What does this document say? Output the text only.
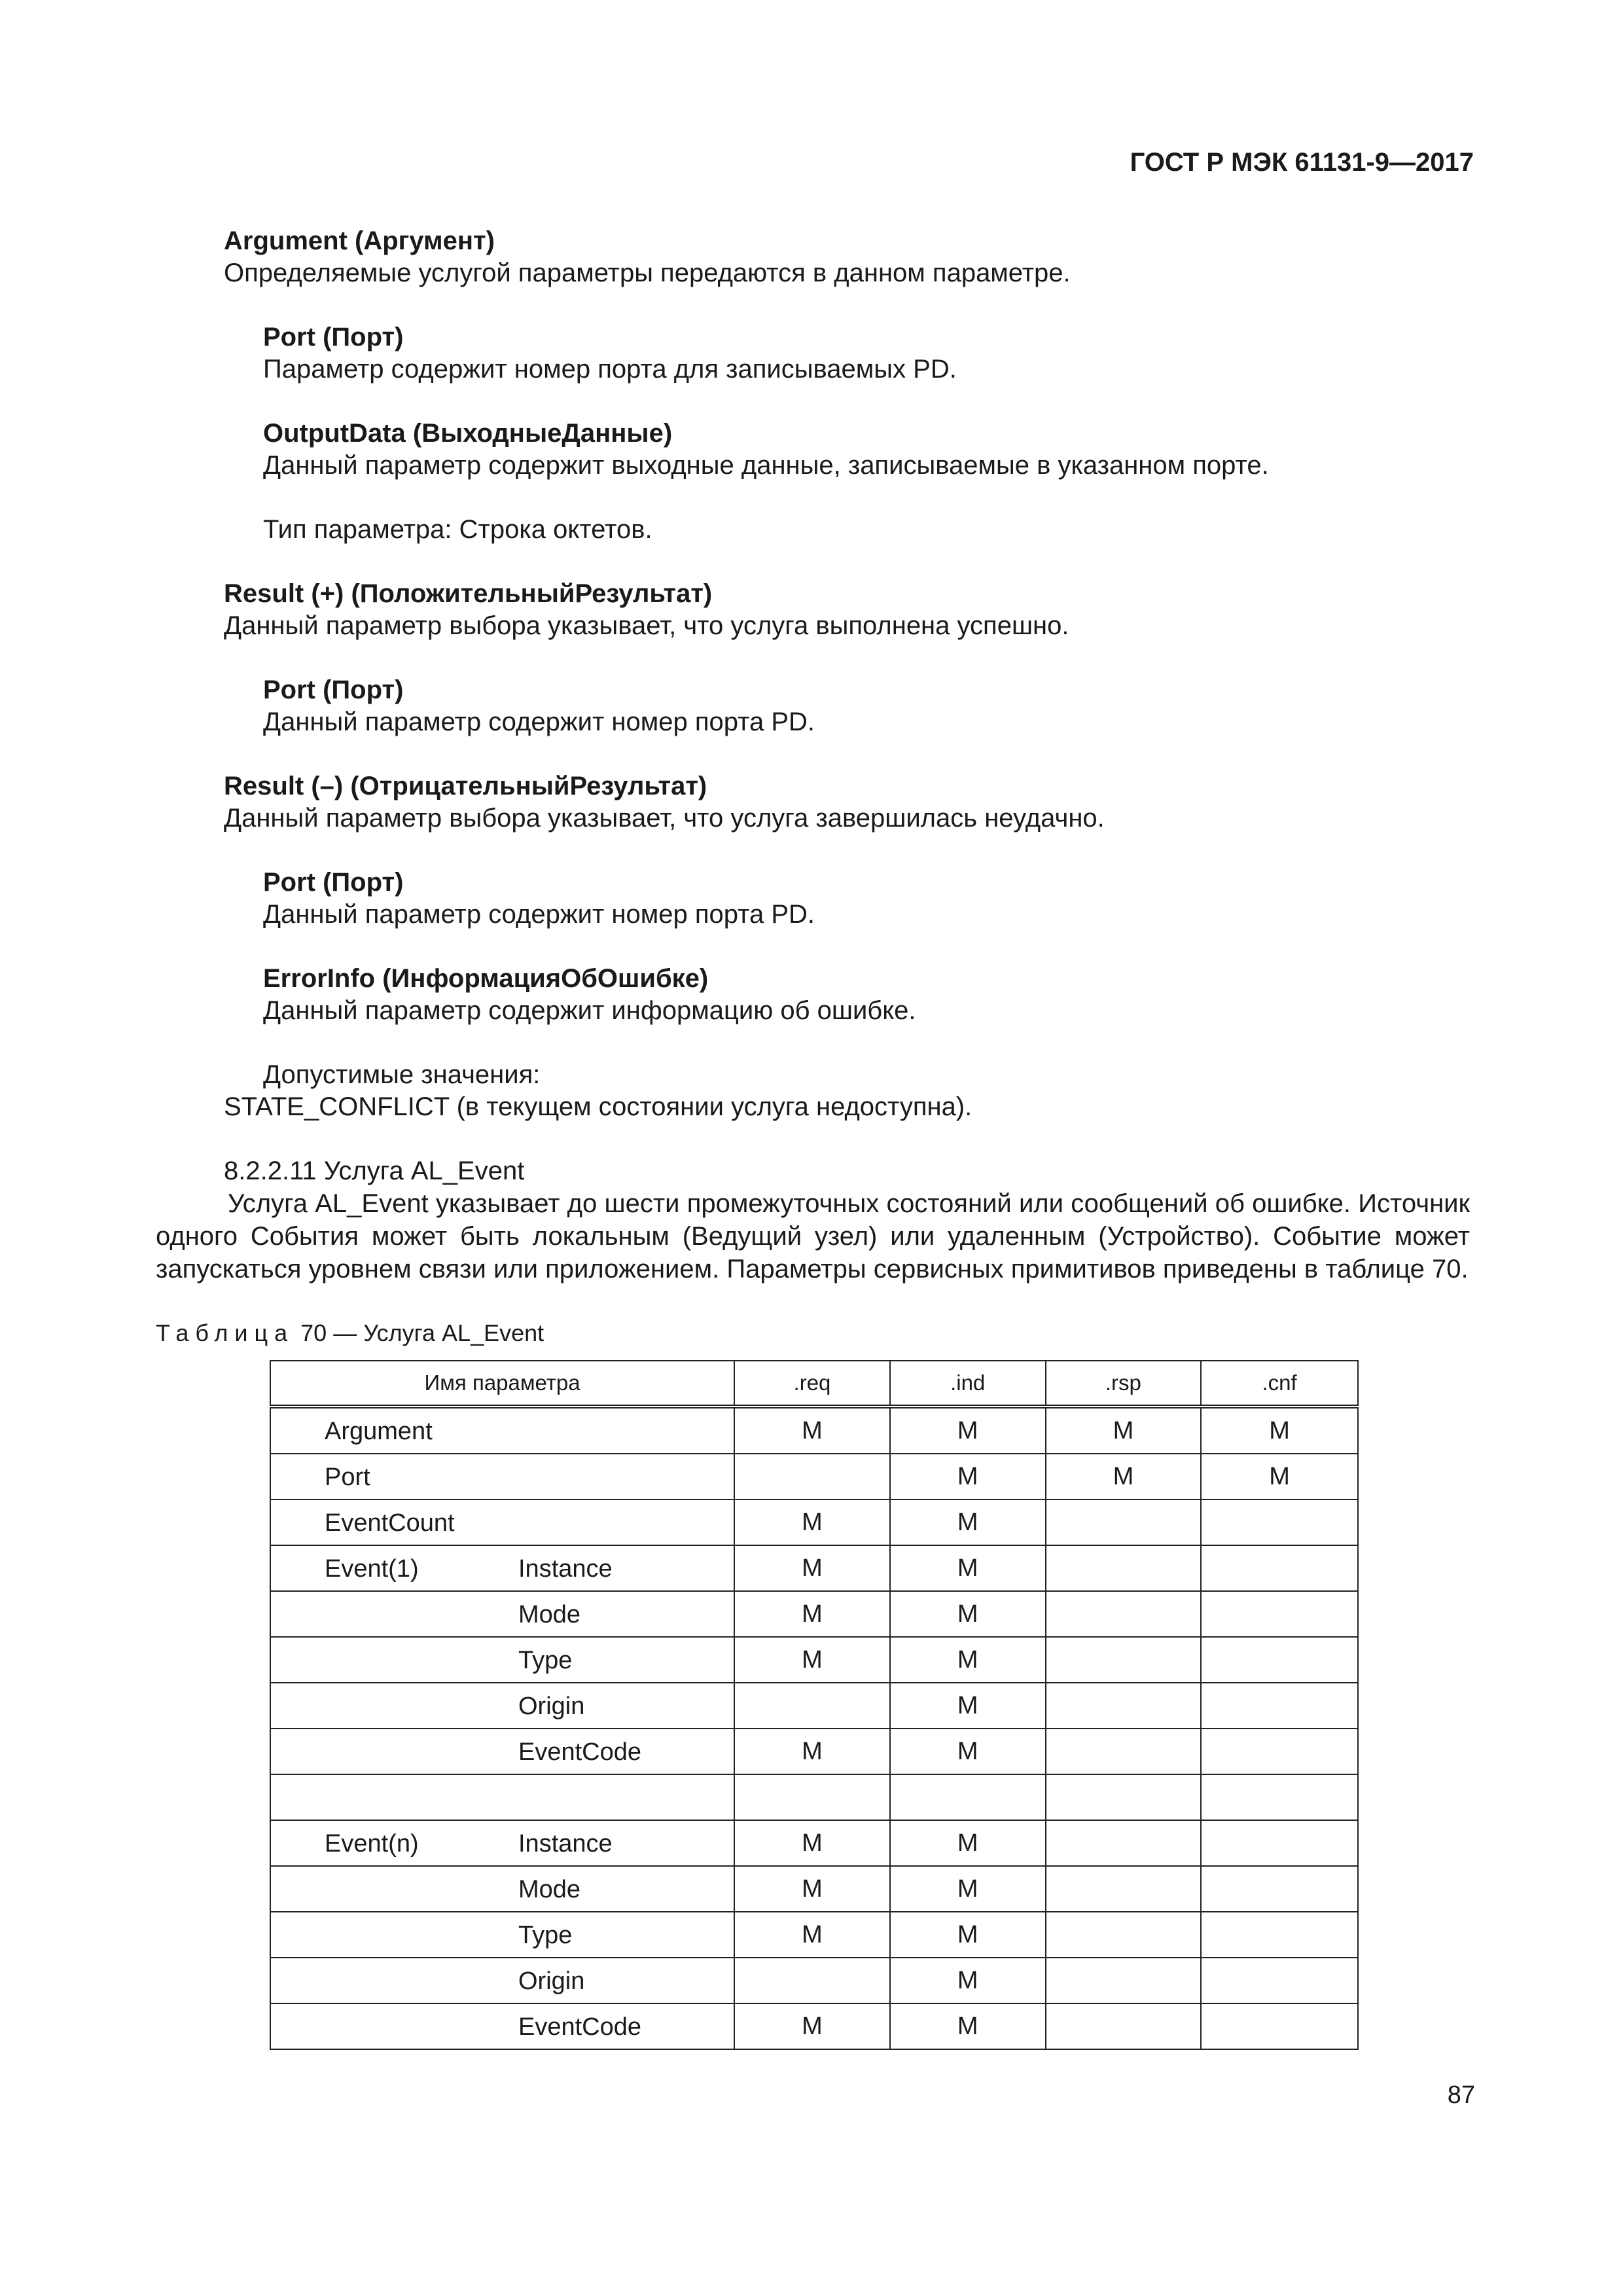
ГОСТ Р МЭК 61131-9—2017
Argument (Аргумент)
Определяемые услугой параметры передаются в данном параметре.
Port (Порт)
Параметр содержит номер порта для записываемых PD.
OutputData (ВыходныеДанные)
Данный параметр содержит выходные данные, записываемые в указанном порте.
Тип параметра: Строка октетов.
Result (+) (ПоложительныйРезультат)
Данный параметр выбора указывает, что услуга выполнена успешно.
Port (Порт)
Данный параметр содержит номер порта PD.
Result (–) (ОтрицательныйРезультат)
Данный параметр выбора указывает, что услуга завершилась неудачно.
Port (Порт)
Данный параметр содержит номер порта PD.
ErrorInfo (ИнформацияОбОшибке)
Данный параметр содержит информацию об ошибке.
Допустимые значения:
STATE_CONFLICT (в текущем состоянии услуга недоступна).
8.2.2.11 Услуга AL_Event
Услуга AL_Event указывает до шести промежуточных состояний или сообщений об ошибке. Источник одного События может быть локальным (Ведущий узел) или удаленным (Устройство). Событие может запускаться уровнем связи или приложением. Параметры сервисных примитивов приведены в таблице 70.
Таблица 70 — Услуга AL_Event
Имя параметра	.req	.ind	.rsp	.cnf

Argument	M	M	M	M

Port		M	M	M

EventCount	M	M		

Event(1) Instance	M	M		

Mode	M	M		

Type	M	M		

Origin		M		

EventCode	M	M		

Event(n) Instance	M	M		

Mode	M	M		

Type	M	M		

Origin		M		

EventCode	M	M		
87
